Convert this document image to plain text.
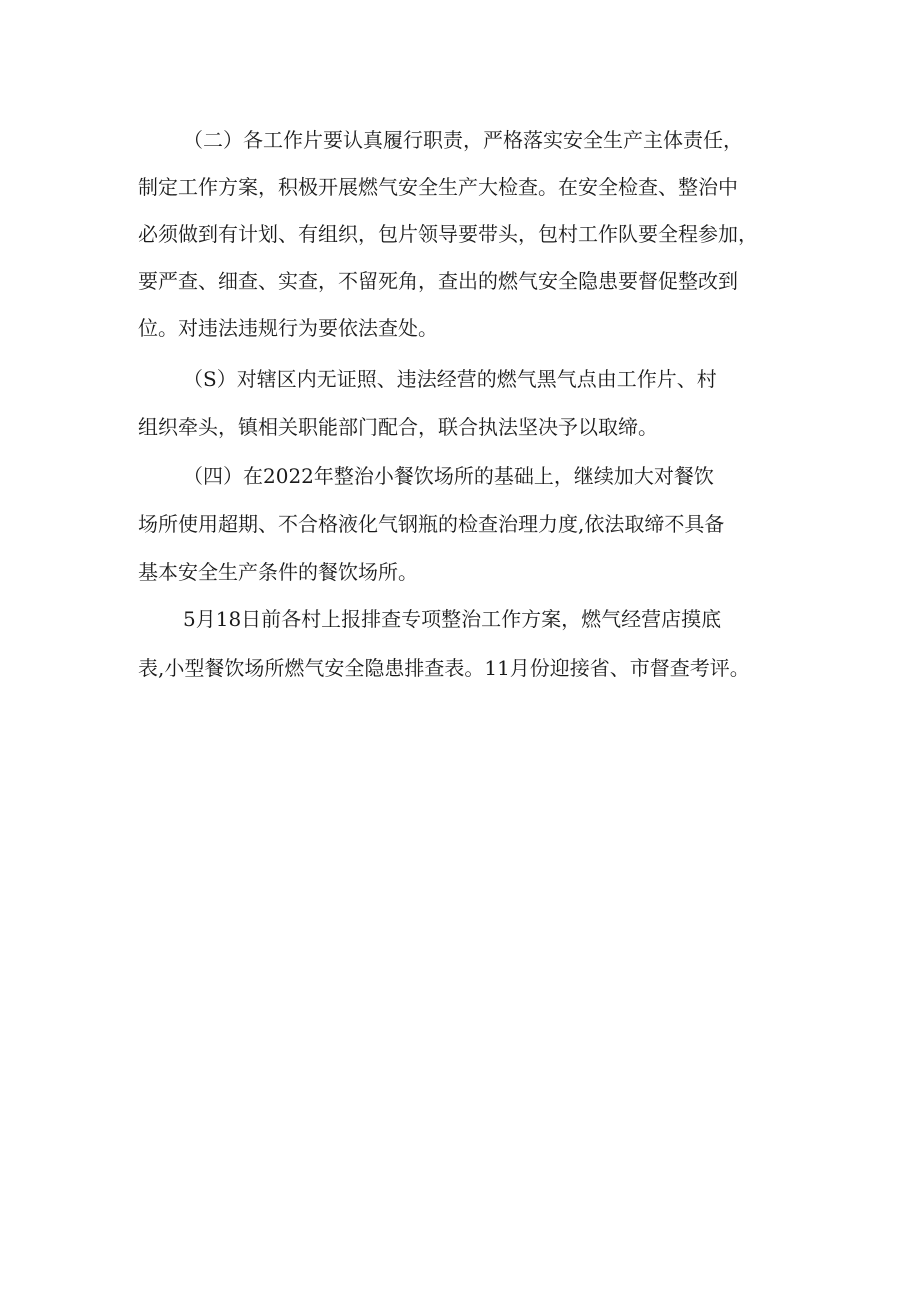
（二）各工作片要认真履行职责，严格落实安全生产主体责任，
制定工作方案，积极开展燃气安全生产大检查。在安全检查、整治中
必须做到有计划、有组织，包片领导要带头，包村工作队要全程参加，
要严查、细查、实查，不留死角，查出的燃气安全隐患要督促整改到
位。对违法违规行为要依法查处。
（S）对辖区内无证照、违法经营的燃气黑气点由工作片、村
组织牵头，镇相关职能部门配合，联合执法坚决予以取缔。
（四）在2022年整治小餐饮场所的基础上，继续加大对餐饮
场所使用超期、不合格液化气钢瓶的检查治理力度,依法取缔不具备
基本安全生产条件的餐饮场所。
5月18日前各村上报排查专项整治工作方案，燃气经营店摸底
表,小型餐饮场所燃气安全隐患排查表。11月份迎接省、市督查考评。
